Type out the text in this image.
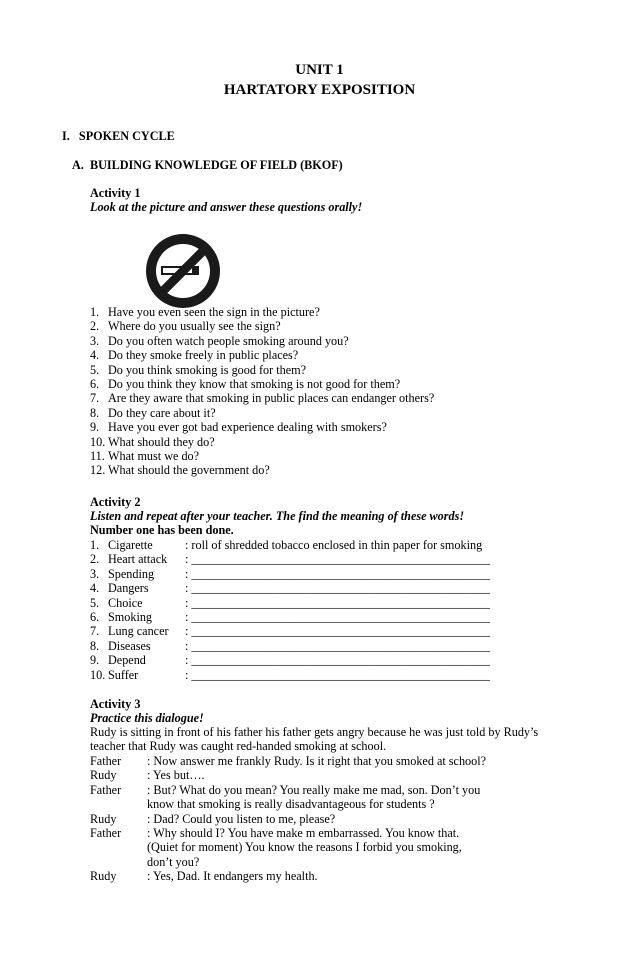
UNIT 1
HARTATORY EXPOSITION
I.   SPOKEN CYCLE
A.  BUILDING KNOWLEDGE OF FIELD (BKOF)
Activity 1
Look at the picture and answer these questions orally!
1. Have you even seen the sign in the picture?
2. Where do you usually see the sign?
3. Do you often watch people smoking around you?
4. Do they smoke freely in public places?
5. Do you think smoking is good for them?
6. Do you think they know that smoking is not good for them?
7. Are they aware that smoking in public places can endanger others?
8. Do they care about it?
9. Have you ever got bad experience dealing with smokers?
10. What should they do?
11. What must we do?
12. What should the government do?
Activity 2
Listen and repeat after your teacher. The find the meaning of these words!
Number one has been done.
1. Cigarette	: roll of shredded tobacco enclosed in thin paper for smoking
2. Heart attack : _________________________________________________
3. Spending	: _________________________________________________
4. Dangers	: _________________________________________________
5. Choice	: _________________________________________________
6. Smoking	: _________________________________________________
7. Lung cancer : _________________________________________________
8. Diseases	: _________________________________________________
9. Depend	: _________________________________________________
10. Suffer	: _________________________________________________
Activity 3
Practice this dialogue!
Rudy is sitting in front of his father his father gets angry because he was just told by Rudy’s
teacher that Rudy was caught red-handed smoking at school.
Father : Now answer me frankly Rudy. Is it right that you smoked at school?
Rudy	: Yes but….
Father : But? What do you mean? You really make me mad, son. Don’t you
know that smoking is really disadvantageous for students ?
Rudy	: Dad? Could you listen to me, please?
Father : Why should I? You have make m embarrassed. You know that.
(Quiet for moment) You know the reasons I forbid you smoking,
don’t you?
Rudy	: Yes, Dad. It endangers my health.
